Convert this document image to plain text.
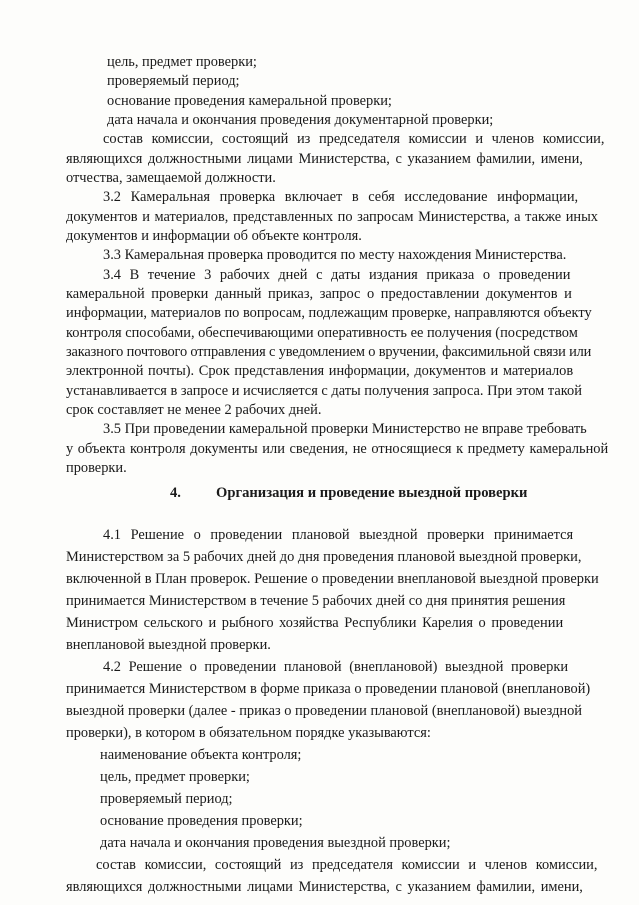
цель, предмет проверки;
проверяемый период;
основание проведения камеральной проверки;
дата начала и окончания проведения документарной проверки;
состав комиссии, состоящий из председателя комиссии и членов комиссии,
являющихся должностными лицами Министерства, с указанием фамилии, имени,
отчества, замещаемой должности.
3.2 Камеральная проверка включает в себя исследование информации,
документов и материалов, представленных по запросам Министерства, а также иных
документов и информации об объекте контроля.
3.3 Камеральная проверка проводится по месту нахождения Министерства.
3.4 В течение 3 рабочих дней с даты издания приказа о проведении
камеральной проверки данный приказ, запрос о предоставлении документов и
информации, материалов по вопросам, подлежащим проверке, направляются объекту
контроля способами, обеспечивающими оперативность ее получения (посредством
заказного почтового отправления с уведомлением о вручении, факсимильной связи или
электронной почты). Срок представления информации, документов и материалов
устанавливается в запросе и исчисляется с даты получения запроса. При этом такой
срок составляет не менее 2 рабочих дней.
3.5 При проведении камеральной проверки Министерство не вправе требовать
4. Организация и проведение выездной проверки
4.1 Решение о проведении плановой выездной проверки принимается
Министерством за 5 рабочих дней до дня проведения плановой выездной проверки,
включенной в План проверок. Решение о проведении внеплановой выездной проверки
принимается Министерством в течение 5 рабочих дней со дня принятия решения
Министром сельского и рыбного хозяйства Республики Карелия о проведении
внеплановой выездной проверки.
4.2 Решение о проведении плановой (внеплановой) выездной проверки
принимается Министерством в форме приказа о проведении плановой (внеплановой)
выездной проверки (далее - приказ о проведении плановой (внеплановой) выездной
проверки), в котором в обязательном порядке указываются:
наименование объекта контроля;
цель, предмет проверки;
проверяемый период;
основание проведения проверки;
дата начала и окончания проведения выездной проверки;
состав комиссии, состоящий из председателя комиссии и членов комиссии,
являющихся должностными лицами Министерства, с указанием фамилии, имени,
у объекта контроля документы или сведения, не относящиеся к предмету камеральной
проверки.
